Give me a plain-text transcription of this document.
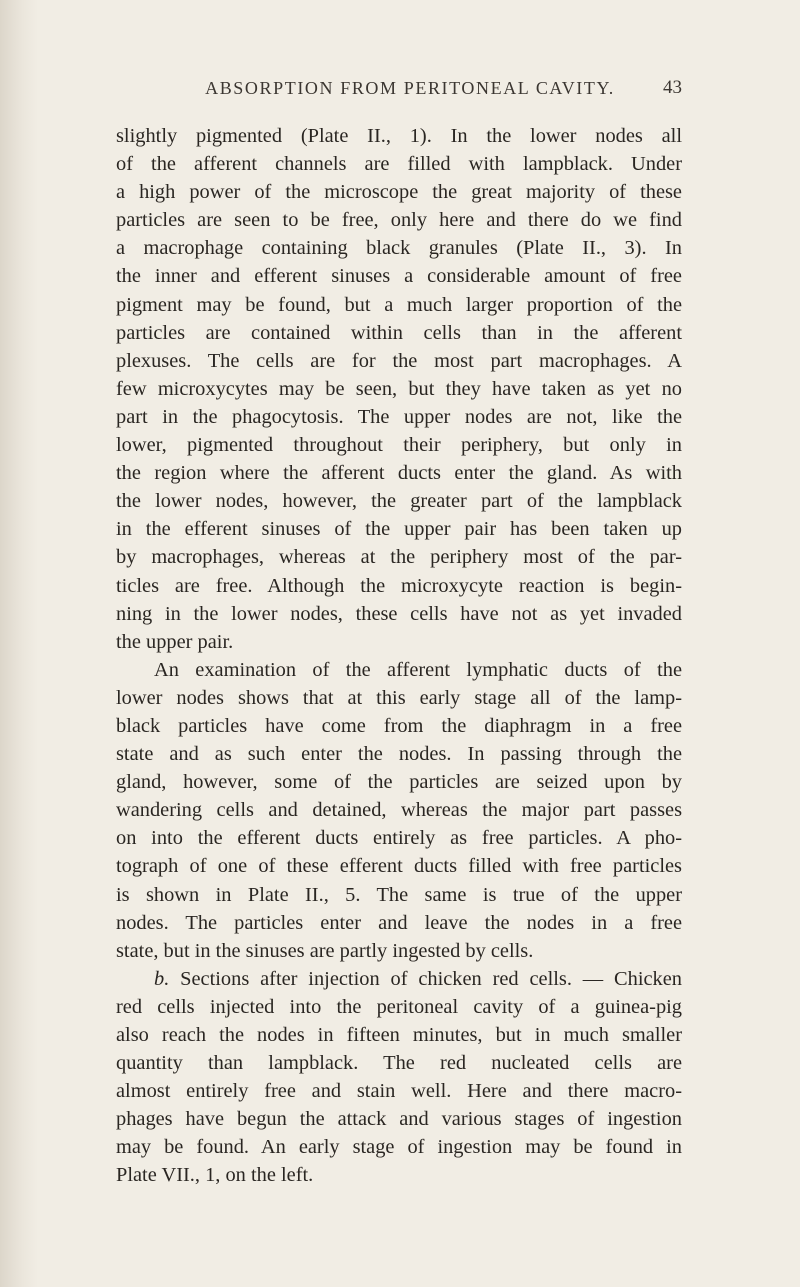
ABSORPTION FROM PERITONEAL CAVITY.	43
slightly pigmented (Plate II., 1). In the lower nodes all
of the afferent channels are filled with lampblack. Under
a high power of the microscope the great majority of these
particles are seen to be free, only here and there do we find
a macrophage containing black granules (Plate II., 3). In
the inner and efferent sinuses a considerable amount of free
pigment may be found, but a much larger proportion of the
particles are contained within cells than in the afferent
plexuses. The cells are for the most part macrophages. A
few microxycytes may be seen, but they have taken as yet no
part in the phagocytosis. The upper nodes are not, like the
lower, pigmented throughout their periphery, but only in
the region where the afferent ducts enter the gland. As with
the lower nodes, however, the greater part of the lampblack
in the efferent sinuses of the upper pair has been taken up
by macrophages, whereas at the periphery most of the par-
ticles are free. Although the microxycyte reaction is begin-
ning in the lower nodes, these cells have not as yet invaded
the upper pair.
An examination of the afferent lymphatic ducts of the
lower nodes shows that at this early stage all of the lamp-
black particles have come from the diaphragm in a free
state and as such enter the nodes. In passing through the
gland, however, some of the particles are seized upon by
wandering cells and detained, whereas the major part passes
on into the efferent ducts entirely as free particles. A pho-
tograph of one of these efferent ducts filled with free particles
is shown in Plate II., 5. The same is true of the upper
nodes. The particles enter and leave the nodes in a free
state, but in the sinuses are partly ingested by cells.
b. Sections after injection of chicken red cells. — Chicken
red cells injected into the peritoneal cavity of a guinea-pig
also reach the nodes in fifteen minutes, but in much smaller
quantity than lampblack. The red nucleated cells are
almost entirely free and stain well. Here and there macro-
phages have begun the attack and various stages of ingestion
may be found. An early stage of ingestion may be found in
Plate VII., 1, on the left.
